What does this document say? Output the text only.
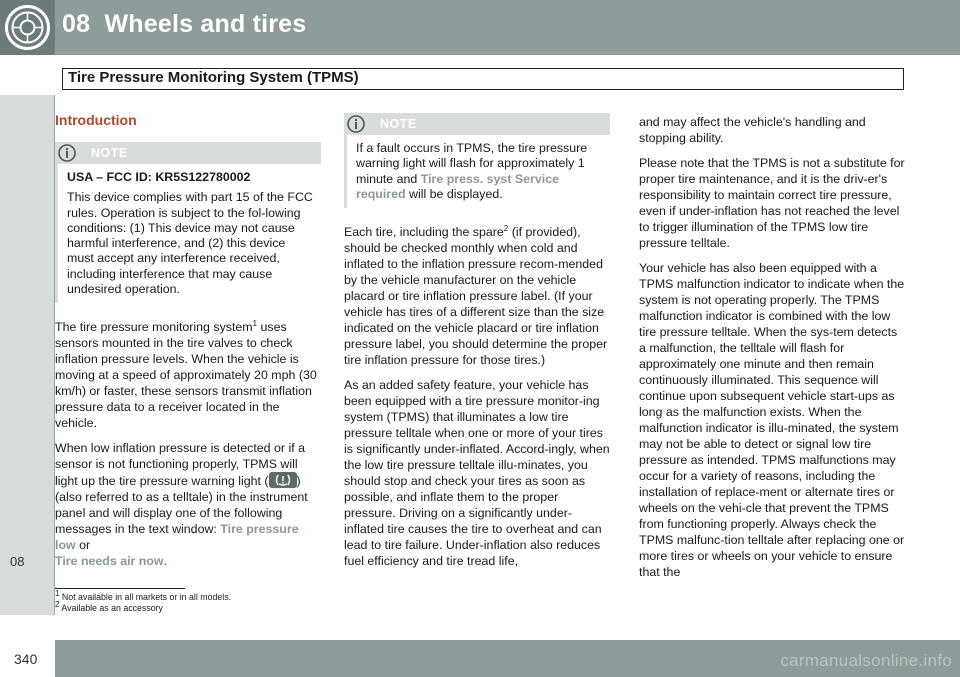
08 Wheels and tires
Tire Pressure Monitoring System (TPMS)
08
Introduction
NOTE

USA – FCC ID: KR5S122780002

This device complies with part 15 of the FCC rules. Operation is subject to the fol-lowing conditions: (1) This device may not cause harmful interference, and (2) this device must accept any interference received, including interference that may cause undesired operation.

The tire pressure monitoring system$^1$ uses sensors mounted in the tire valves to check inflation pressure levels. When the vehicle is moving at a speed of approximately 20 mph (30 km/h) or faster, these sensors transmit inflation pressure data to a receiver located in the vehicle.

When low inflation pressure is detected or if a sensor is not functioning properly, TPMS will light up the tire pressure warning light ( ) (also referred to as a telltale) in the instrument panel and will display one of the following messages in the text window: Tire pressure low or
Tire needs air now.

NOTE

If a fault occurs in TPMS, the tire pressure warning light will flash for approximately 1 minute and Tire press. syst Service required will be displayed.

Each tire, including the spare$^2$ (if provided), should be checked monthly when cold and inflated to the inflation pressure recom-mended by the vehicle manufacturer on the vehicle placard or tire inflation pressure label. (If your vehicle has tires of a different size than the size indicated on the vehicle placard or tire inflation pressure label, you should determine the proper tire inflation pressure for those tires.)

As an added safety feature, your vehicle has been equipped with a tire pressure monitor-ing system (TPMS) that illuminates a low tire pressure telltale when one or more of your tires is significantly under-inflated. Accord-ingly, when the low tire pressure telltale illu-minates, you should stop and check your tires as soon as possible, and inflate them to the proper pressure. Driving on a significantly under-inflated tire causes the tire to overheat and can lead to tire failure. Under-inflation also reduces fuel efficiency and tire tread life,

and may affect the vehicle's handling and stopping ability.

Please note that the TPMS is not a substitute for proper tire maintenance, and it is the driv-er's responsibility to maintain correct tire pressure, even if under-inflation has not reached the level to trigger illumination of the TPMS low tire pressure telltale.

Your vehicle has also been equipped with a TPMS malfunction indicator to indicate when the system is not operating properly. The TPMS malfunction indicator is combined with the low tire pressure telltale. When the sys-tem detects a malfunction, the telltale will flash for approximately one minute and then remain continuously illuminated. This sequence will continue upon subsequent vehicle start-ups as long as the malfunction exists. When the malfunction indicator is illu-minated, the system may not be able to detect or signal low tire pressure as intended. TPMS malfunctions may occur for a variety of reasons, including the installation of replace-ment or alternate tires or wheels on the vehi-cle that prevent the TPMS from functioning properly. Always check the TPMS malfunc-tion telltale after replacing one or more tires or wheels on your vehicle to ensure that the

$^1$ Not available in all markets or in all models.
$^2$ Available as an accessory
340	carmanualsonline.info
